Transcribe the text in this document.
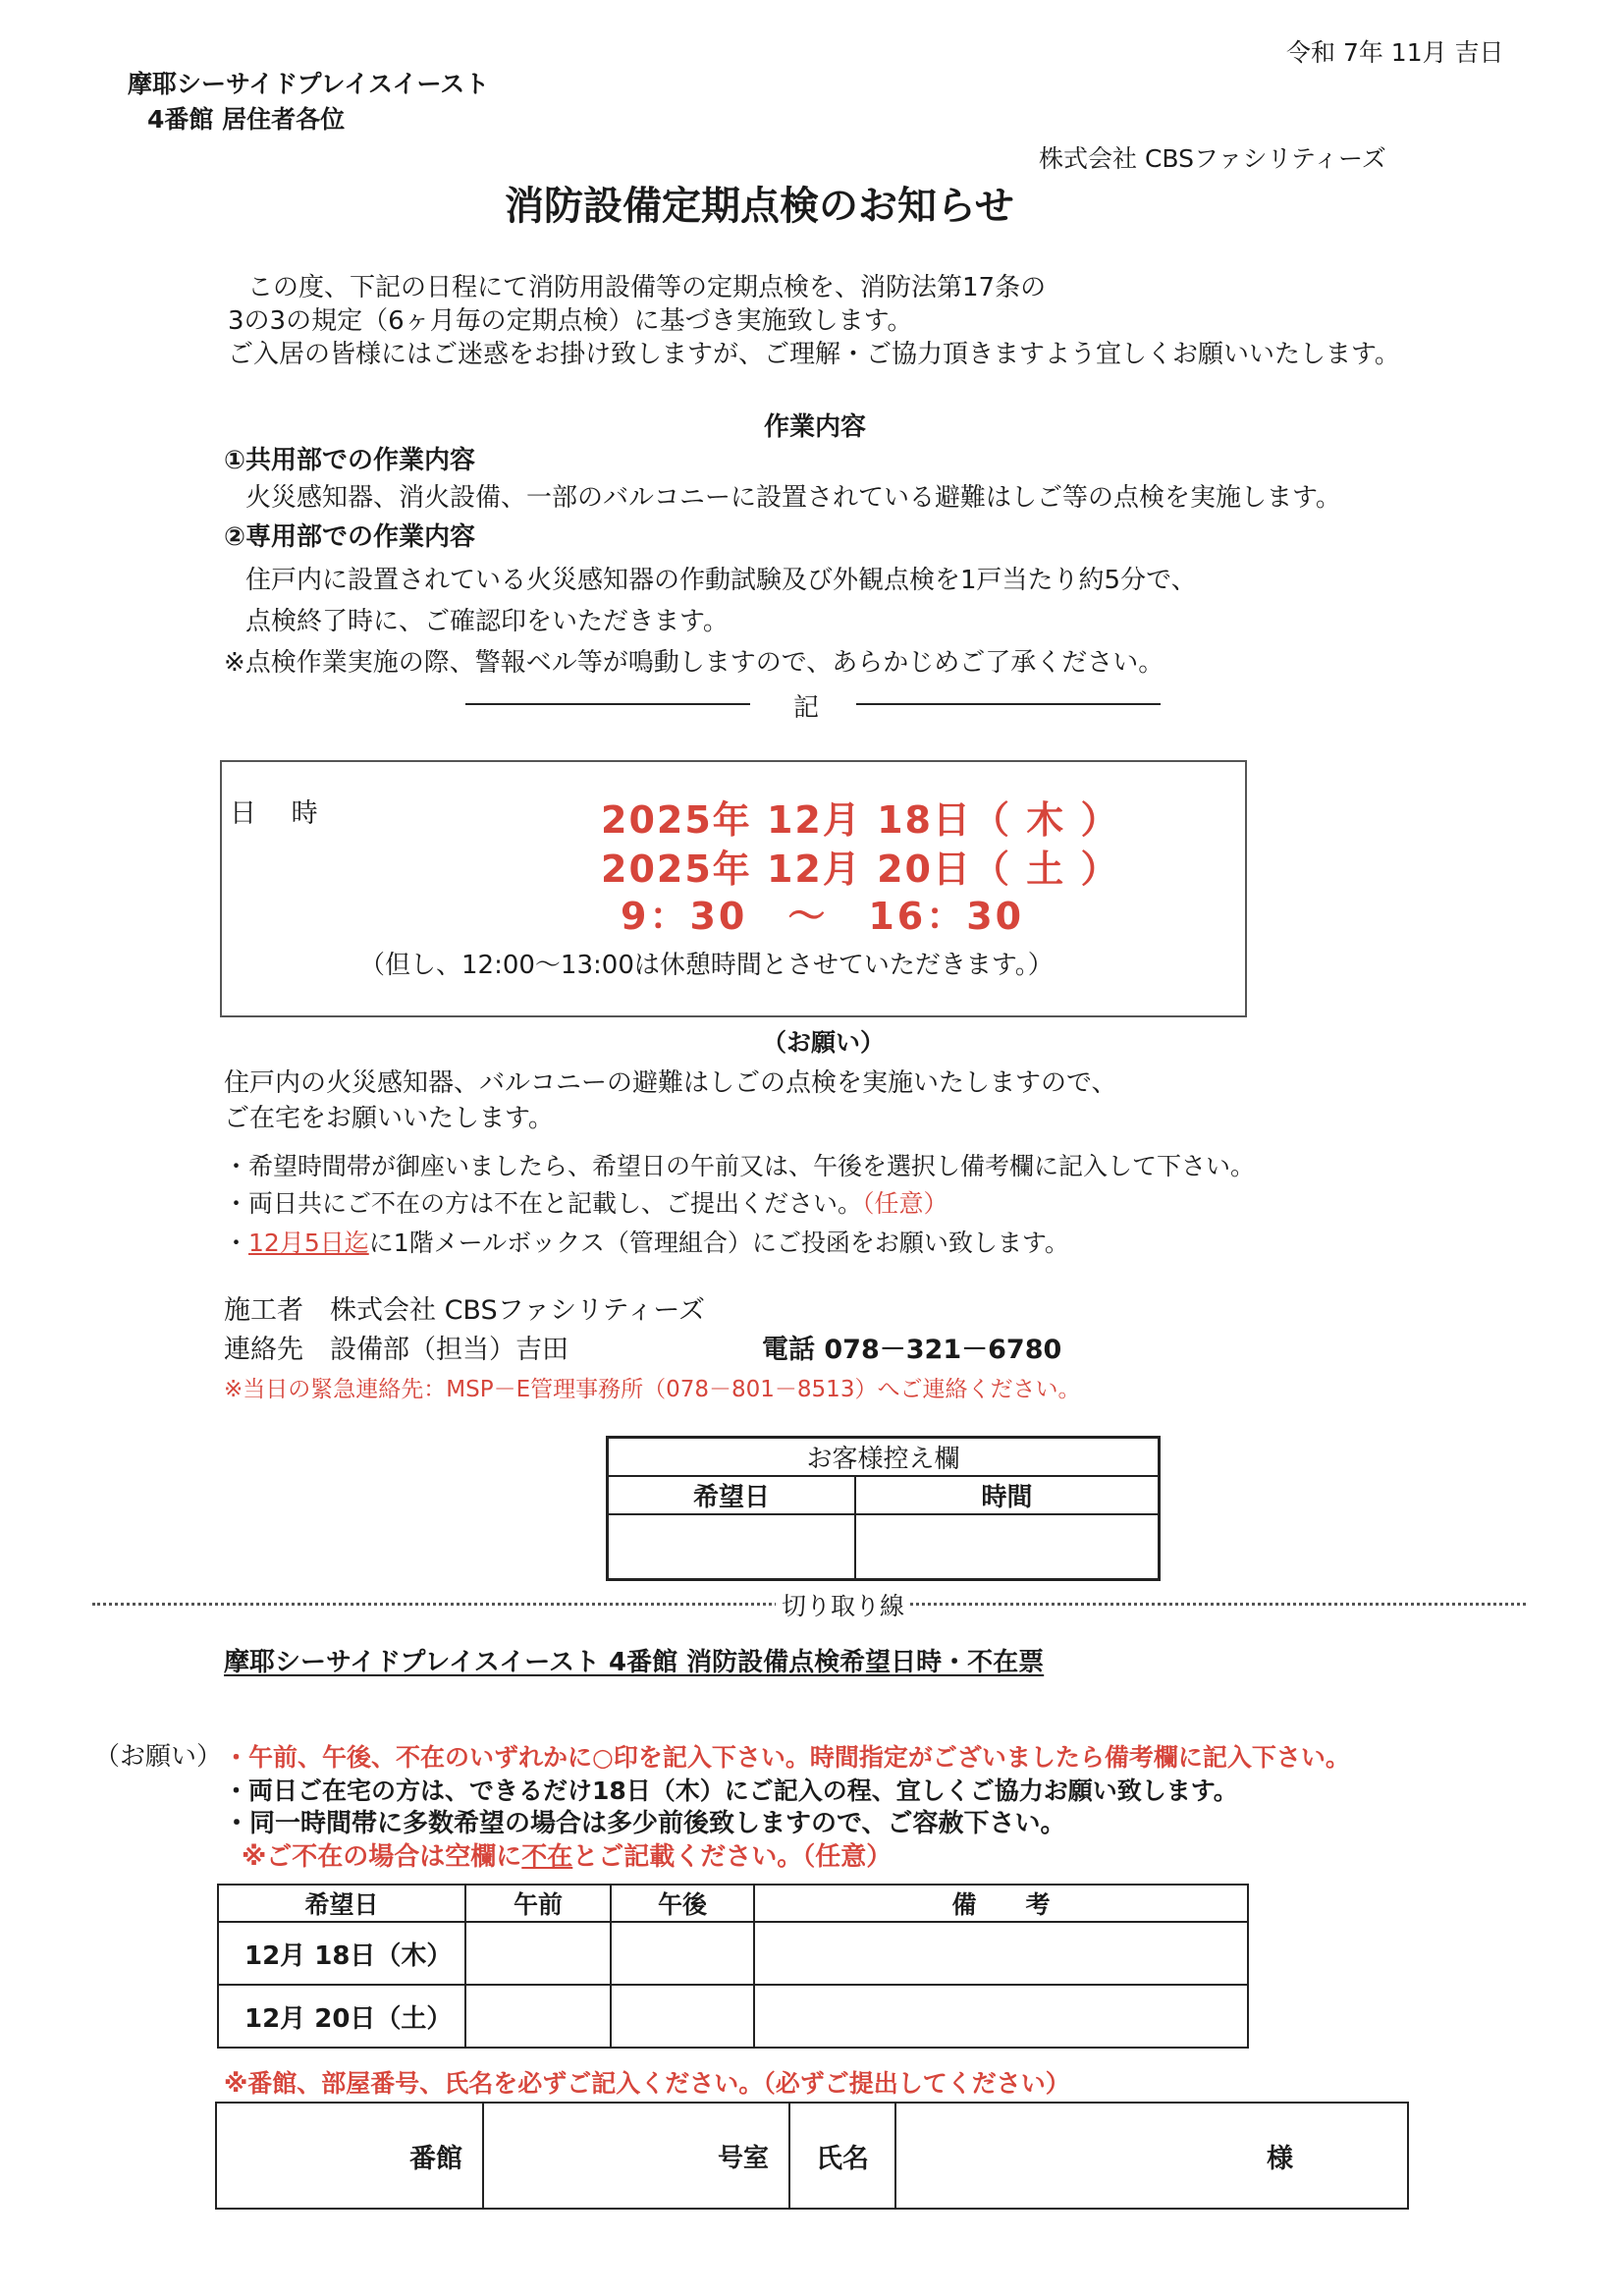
令和 7年 11月 吉日
摩耶シーサイドプレイスイースト
4番館 居住者各位
株式会社 CBSファシリティーズ
消防設備定期点検のお知らせ
この度、下記の日程にて消防用設備等の定期点検を、消防法第17条の
3の3の規定（6ヶ月毎の定期点検）に基づき実施致します。
ご入居の皆様にはご迷惑をお掛け致しますが、ご理解・ご協力頂きますよう宜しくお願いいたします。
作業内容
①共用部での作業内容
火災感知器、消火設備、一部のバルコニーに設置されている避難はしご等の点検を実施します。
②専用部での作業内容
住戸内に設置されている火災感知器の作動試験及び外観点検を1戸当たり約5分で、
点検終了時に、ご確認印をいただきます。
※点検作業実施の際、警報ベル等が鳴動しますので、あらかじめご了承ください。
記
日　 時	2025年 12月 18日（ 木 ）
2025年 12月 20日（ 土 ）
9：30　～　16：30
（但し、12:00～13:00は休憩時間とさせていただきます。）
（お願い）
住戸内の火災感知器、バルコニーの避難はしごの点検を実施いたしますので、
ご在宅をお願いいたします。
・希望時間帯が御座いましたら、希望日の午前又は、午後を選択し備考欄に記入して下さい。
・両日共にご不在の方は不在と記載し、ご提出ください。（任意）
・12月5日迄に1階メールボックス（管理組合）にご投函をお願い致します。
施工者　株式会社 CBSファシリティーズ
連絡先　設備部（担当）吉田	電話 078－321－6780
※当日の緊急連絡先：MSP－E管理事務所（078－801－8513）へご連絡ください。
お客様控え欄	
希望日	時間

切り取り線
摩耶シーサイドプレイスイースト 4番館 消防設備点検希望日時・不在票
（お願い） ・午前、午後、不在のいずれかに○印を記入下さい。時間指定がございましたら備考欄に記入下さい。
・両日ご在宅の方は、できるだけ18日（木）にご記入の程、宜しくご協力お願い致します。
・同一時間帯に多数希望の場合は多少前後致しますので、ご容赦下さい。
※ご不在の場合は空欄に不在とご記載ください。（任意）
希望日	午前	午後	備　　考
12月 18日（木）			
12月 20日（土）			
※番館、部屋番号、氏名を必ずご記入ください。（必ずご提出してください）
番館	号室	氏名	様
